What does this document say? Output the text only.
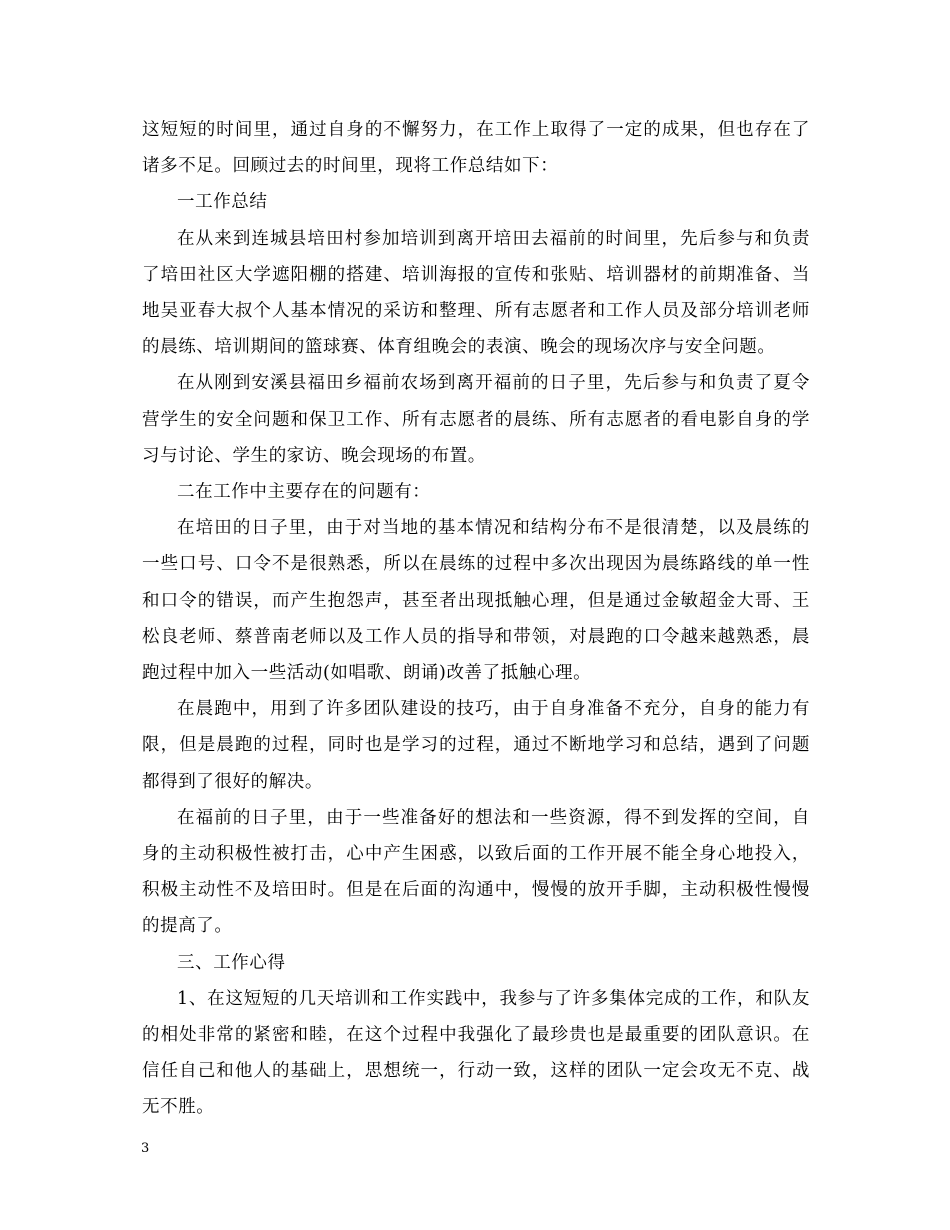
这短短的时间里，通过自身的不懈努力，在工作上取得了一定的成果，但也存在了诸多不足。回顾过去的时间里，现将工作总结如下：

一工作总结

在从来到连城县培田村参加培训到离开培田去福前的时间里，先后参与和负责了培田社区大学遮阳棚的搭建、培训海报的宣传和张贴、培训器材的前期准备、当地吴亚春大叔个人基本情况的采访和整理、所有志愿者和工作人员及部分培训老师的晨练、培训期间的篮球赛、体育组晚会的表演、晚会的现场次序与安全问题。

在从刚到安溪县福田乡福前农场到离开福前的日子里，先后参与和负责了夏令营学生的安全问题和保卫工作、所有志愿者的晨练、所有志愿者的看电影自身的学习与讨论、学生的家访、晚会现场的布置。

二在工作中主要存在的问题有：

在培田的日子里，由于对当地的基本情况和结构分布不是很清楚，以及晨练的一些口号、口令不是很熟悉，所以在晨练的过程中多次出现因为晨练路线的单一性和口令的错误，而产生抱怨声，甚至者出现抵触心理，但是通过金敏超金大哥、王松良老师、蔡普南老师以及工作人员的指导和带领，对晨跑的口令越来越熟悉，晨跑过程中加入一些活动(如唱歌、朗诵)改善了抵触心理。

在晨跑中，用到了许多团队建设的技巧，由于自身准备不充分，自身的能力有限，但是晨跑的过程，同时也是学习的过程，通过不断地学习和总结，遇到了问题都得到了很好的解决。

在福前的日子里，由于一些准备好的想法和一些资源，得不到发挥的空间，自身的主动积极性被打击，心中产生困惑，以致后面的工作开展不能全身心地投入，积极主动性不及培田时。但是在后面的沟通中，慢慢的放开手脚，主动积极性慢慢的提高了。

三、工作心得

1、在这短短的几天培训和工作实践中，我参与了许多集体完成的工作，和队友的相处非常的紧密和睦，在这个过程中我强化了最珍贵也是最重要的团队意识。在信任自己和他人的基础上，思想统一，行动一致，这样的团队一定会攻无不克、战无不胜。

3
